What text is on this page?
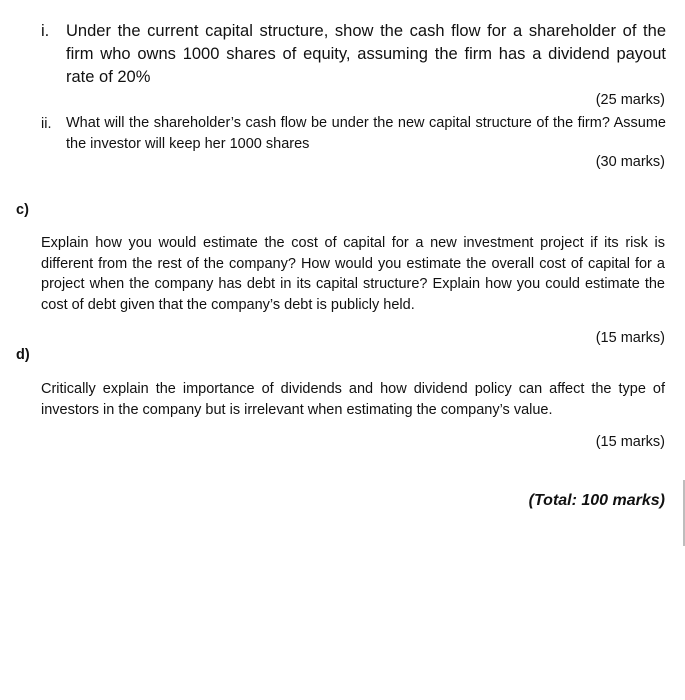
i. Under the current capital structure, show the cash flow for a shareholder of the firm who owns 1000 shares of equity, assuming the firm has a dividend payout rate of 20%
(25 marks)
ii. What will the shareholder’s cash flow be under the new capital structure of the firm? Assume the investor will keep her 1000 shares
(30 marks)
c)
Explain how you would estimate the cost of capital for a new investment project if its risk is different from the rest of the company? How would you estimate the overall cost of capital for a project when the company has debt in its capital structure? Explain how you could estimate the cost of debt given that the company’s debt is publicly held.
(15 marks)
d)
Critically explain the importance of dividends and how dividend policy can affect the type of investors in the company but is irrelevant when estimating the company’s value.
(15 marks)
(Total: 100 marks)
